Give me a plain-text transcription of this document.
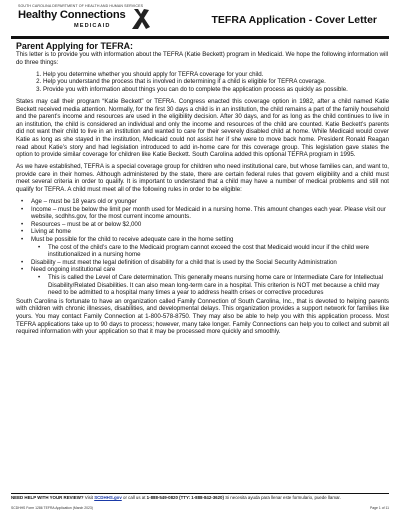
SOUTH CAROLINA DEPARTMENT OF HEALTH AND HUMAN SERVICES
Healthy Connections
MEDICAID	TEFRA Application - Cover Letter
Parent Applying for TEFRA:

This letter is to provide you with information about the TEFRA (Katie Beckett) program in Medicaid. We hope the following information will do three things:

1. Help you determine whether you should apply for TEFRA coverage for your child.
2. Help you understand the process that is involved in determining if a child is eligible for TEFRA coverage.
3. Provide you with information about things you can do to complete the application process as quickly as possible.

States may call their program “Katie Beckett” or TEFRA. Congress enacted this coverage option in 1982, after a child named Katie Beckett received media attention. Normally, for the first 30 days a child is in an institution, the child remains a part of the family household and the parent’s income and resources are used in the eligibility decision. After 30 days, and for as long as the child continues to live in an institution, the child is considered an individual and only the income and resources of the child are counted. Katie Beckett’s parents did not want their child to live in an institution and wanted to care for their severely disabled child at home. While Medicaid would cover Katie as long as she stayed in the institution, Medicaid could not assist her if she were to move back home. President Ronald Reagan read about Katie’s story and had legislation introduced to add in-home care for this coverage group. This legislation gave states the option to provide similar coverage for children like Katie Beckett. South Carolina added this optional TEFRA program in 1995.

As we have established, TEFRA is a special coverage group for children who need institutional care, but whose families can, and want to, provide care in their homes. Although administered by the state, there are certain federal rules that govern eligibility and a child must meet several criteria in order to qualify. It is important to understand that a child may have a number of medical problems and still not qualify for TEFRA. A child must meet all of the following rules in order to be eligible:

• Age – must be 18 years old or younger
• Income – must be below the limit per month used for Medicaid in a nursing home. This amount changes each year. Please visit our website, scdhhs.gov, for the most current income amounts.
• Resources – must be at or below $2,000
• Living at home
• Must be possible for the child to receive adequate care in the home setting
• The cost of the child’s care to the Medicaid program cannot exceed the cost that Medicaid would incur if the child were institutionalized in a nursing home
• Disability – must meet the legal definition of disability for a child that is used by the Social Security Administration
• Need ongoing institutional care
• This is called the Level of Care determination. This generally means nursing home care or Intermediate Care for Intellectual Disability/Related Disabilities. It can also mean long-term care in a hospital. This criterion is NOT met because a child may need to be admitted to a hospital many times a year to address health crises or corrective procedures

South Carolina is fortunate to have an organization called Family Connection of South Carolina, Inc., that is devoted to helping parents with children with chronic illnesses, disabilities, and developmental delays. This organization provides a support network for families like yours. You may contact Family Connection at 1-800-578-8750. They may also be able to help you with this application process. Most TEFRA applications take up to 90 days to process; however, many take longer. Family Connections can help you to collect and submit all required information with your application so that it may be processed more quickly and smoothly.

NEED HELP WITH YOUR REVIEW? Visit SCDHHS.gov or call us at 1-888-549-0820 (TTY: 1-888-842-3620) Si necesita ayuda para llenar este formulario, puede llamar.
SCDHHS Form 1286 TEFRA Application (March 2023)	Page 1 of 11
